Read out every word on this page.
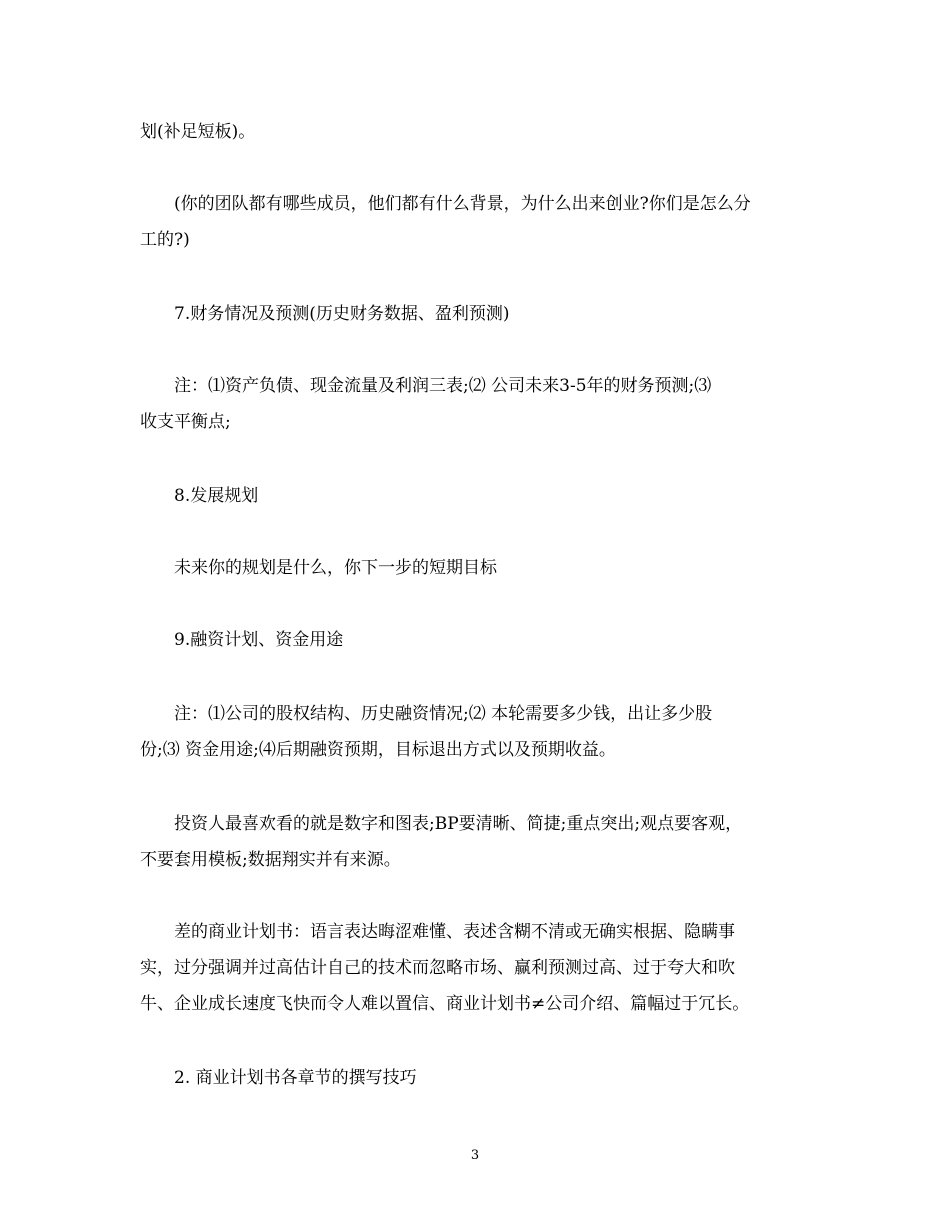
划(补足短板)。

(你的团队都有哪些成员，他们都有什么背景，为什么出来创业?你们是怎么分
工的?)

7.财务情况及预测(历史财务数据、盈利预测)

注：⑴资产负债、现金流量及利润三表;⑵ 公司未来3-5年的财务预测;⑶
收支平衡点;

8.发展规划

未来你的规划是什么，你下一步的短期目标

9.融资计划、资金用途

注：⑴公司的股权结构、历史融资情况;⑵ 本轮需要多少钱，出让多少股
份;⑶ 资金用途;⑷后期融资预期，目标退出方式以及预期收益。

投资人最喜欢看的就是数字和图表;BP要清晰、简捷;重点突出;观点要客观，
不要套用模板;数据翔实并有来源。

差的商业计划书：语言表达晦涩难懂、表述含糊不清或无确实根据、隐瞒事
实，过分强调并过高估计自己的技术而忽略市场、赢利预测过高、过于夸大和吹
牛、企业成长速度飞快而令人难以置信、商业计划书≠公司介绍、篇幅过于冗长。

2. 商业计划书各章节的撰写技巧

3
